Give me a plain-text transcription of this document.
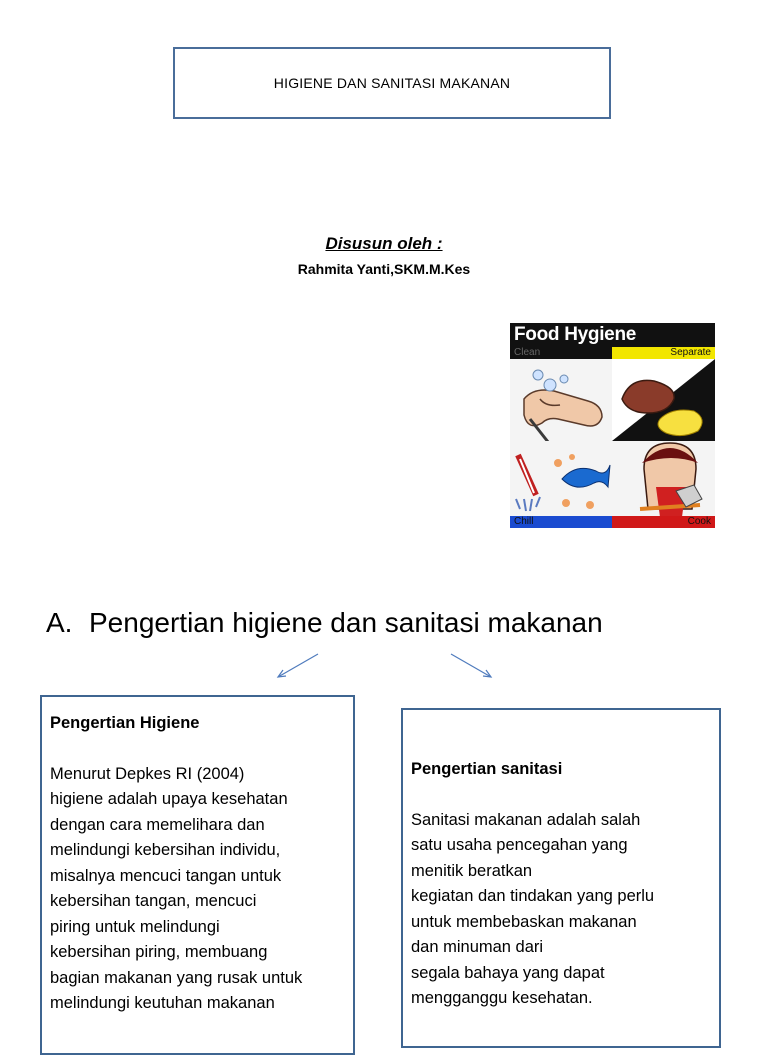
HIGIENE DAN SANITASI MAKANAN
Disusun oleh :
Rahmita Yanti,SKM.M.Kes
Food Hygiene
Clean	Separate
Chill	Cook
A. Pengertian higiene dan sanitasi makanan

Pengertian Higiene

Menurut Depkes RI (2004)

higiene adalah upaya kesehatan

dengan cara memelihara dan

melindungi kebersihan individu,

misalnya mencuci tangan untuk

kebersihan tangan, mencuci

piring untuk melindungi

kebersihan piring, membuang

bagian makanan yang rusak untuk

melindungi keutuhan makanan

Pengertian sanitasi

Sanitasi makanan adalah salah

satu usaha pencegahan yang

menitik beratkan

kegiatan dan tindakan yang perlu

untuk membebaskan makanan

dan minuman dari

segala bahaya yang dapat

mengganggu kesehatan.
